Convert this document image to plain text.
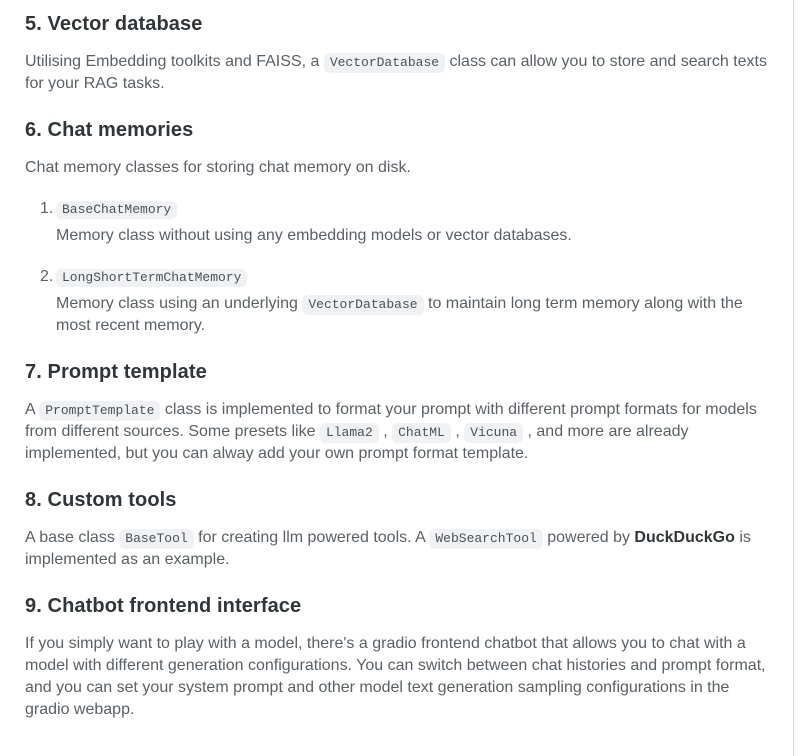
5. Vector database

Utilising Embedding toolkits and FAISS, a VectorDatabase class can allow you to store and search texts for your RAG tasks.

6. Chat memories

Chat memory classes for storing chat memory on disk.

1. BaseChatMemory
Memory class without using any embedding models or vector databases.
2. LongShortTermChatMemory
Memory class using an underlying VectorDatabase to maintain long term memory along with the most recent memory.
7. Prompt template

A PromptTemplate class is implemented to format your prompt with different prompt formats for models from different sources. Some presets like Llama2 , ChatML , Vicuna , and more are already implemented, but you can alway add your own prompt format template.

8. Custom tools

A base class BaseTool for creating llm powered tools. A WebSearchTool powered by DuckDuckGo is implemented as an example.

9. Chatbot frontend interface

If you simply want to play with a model, there's a gradio frontend chatbot that allows you to chat with a model with different generation configurations. You can switch between chat histories and prompt format, and you can set your system prompt and other model text generation sampling configurations in the gradio webapp.
